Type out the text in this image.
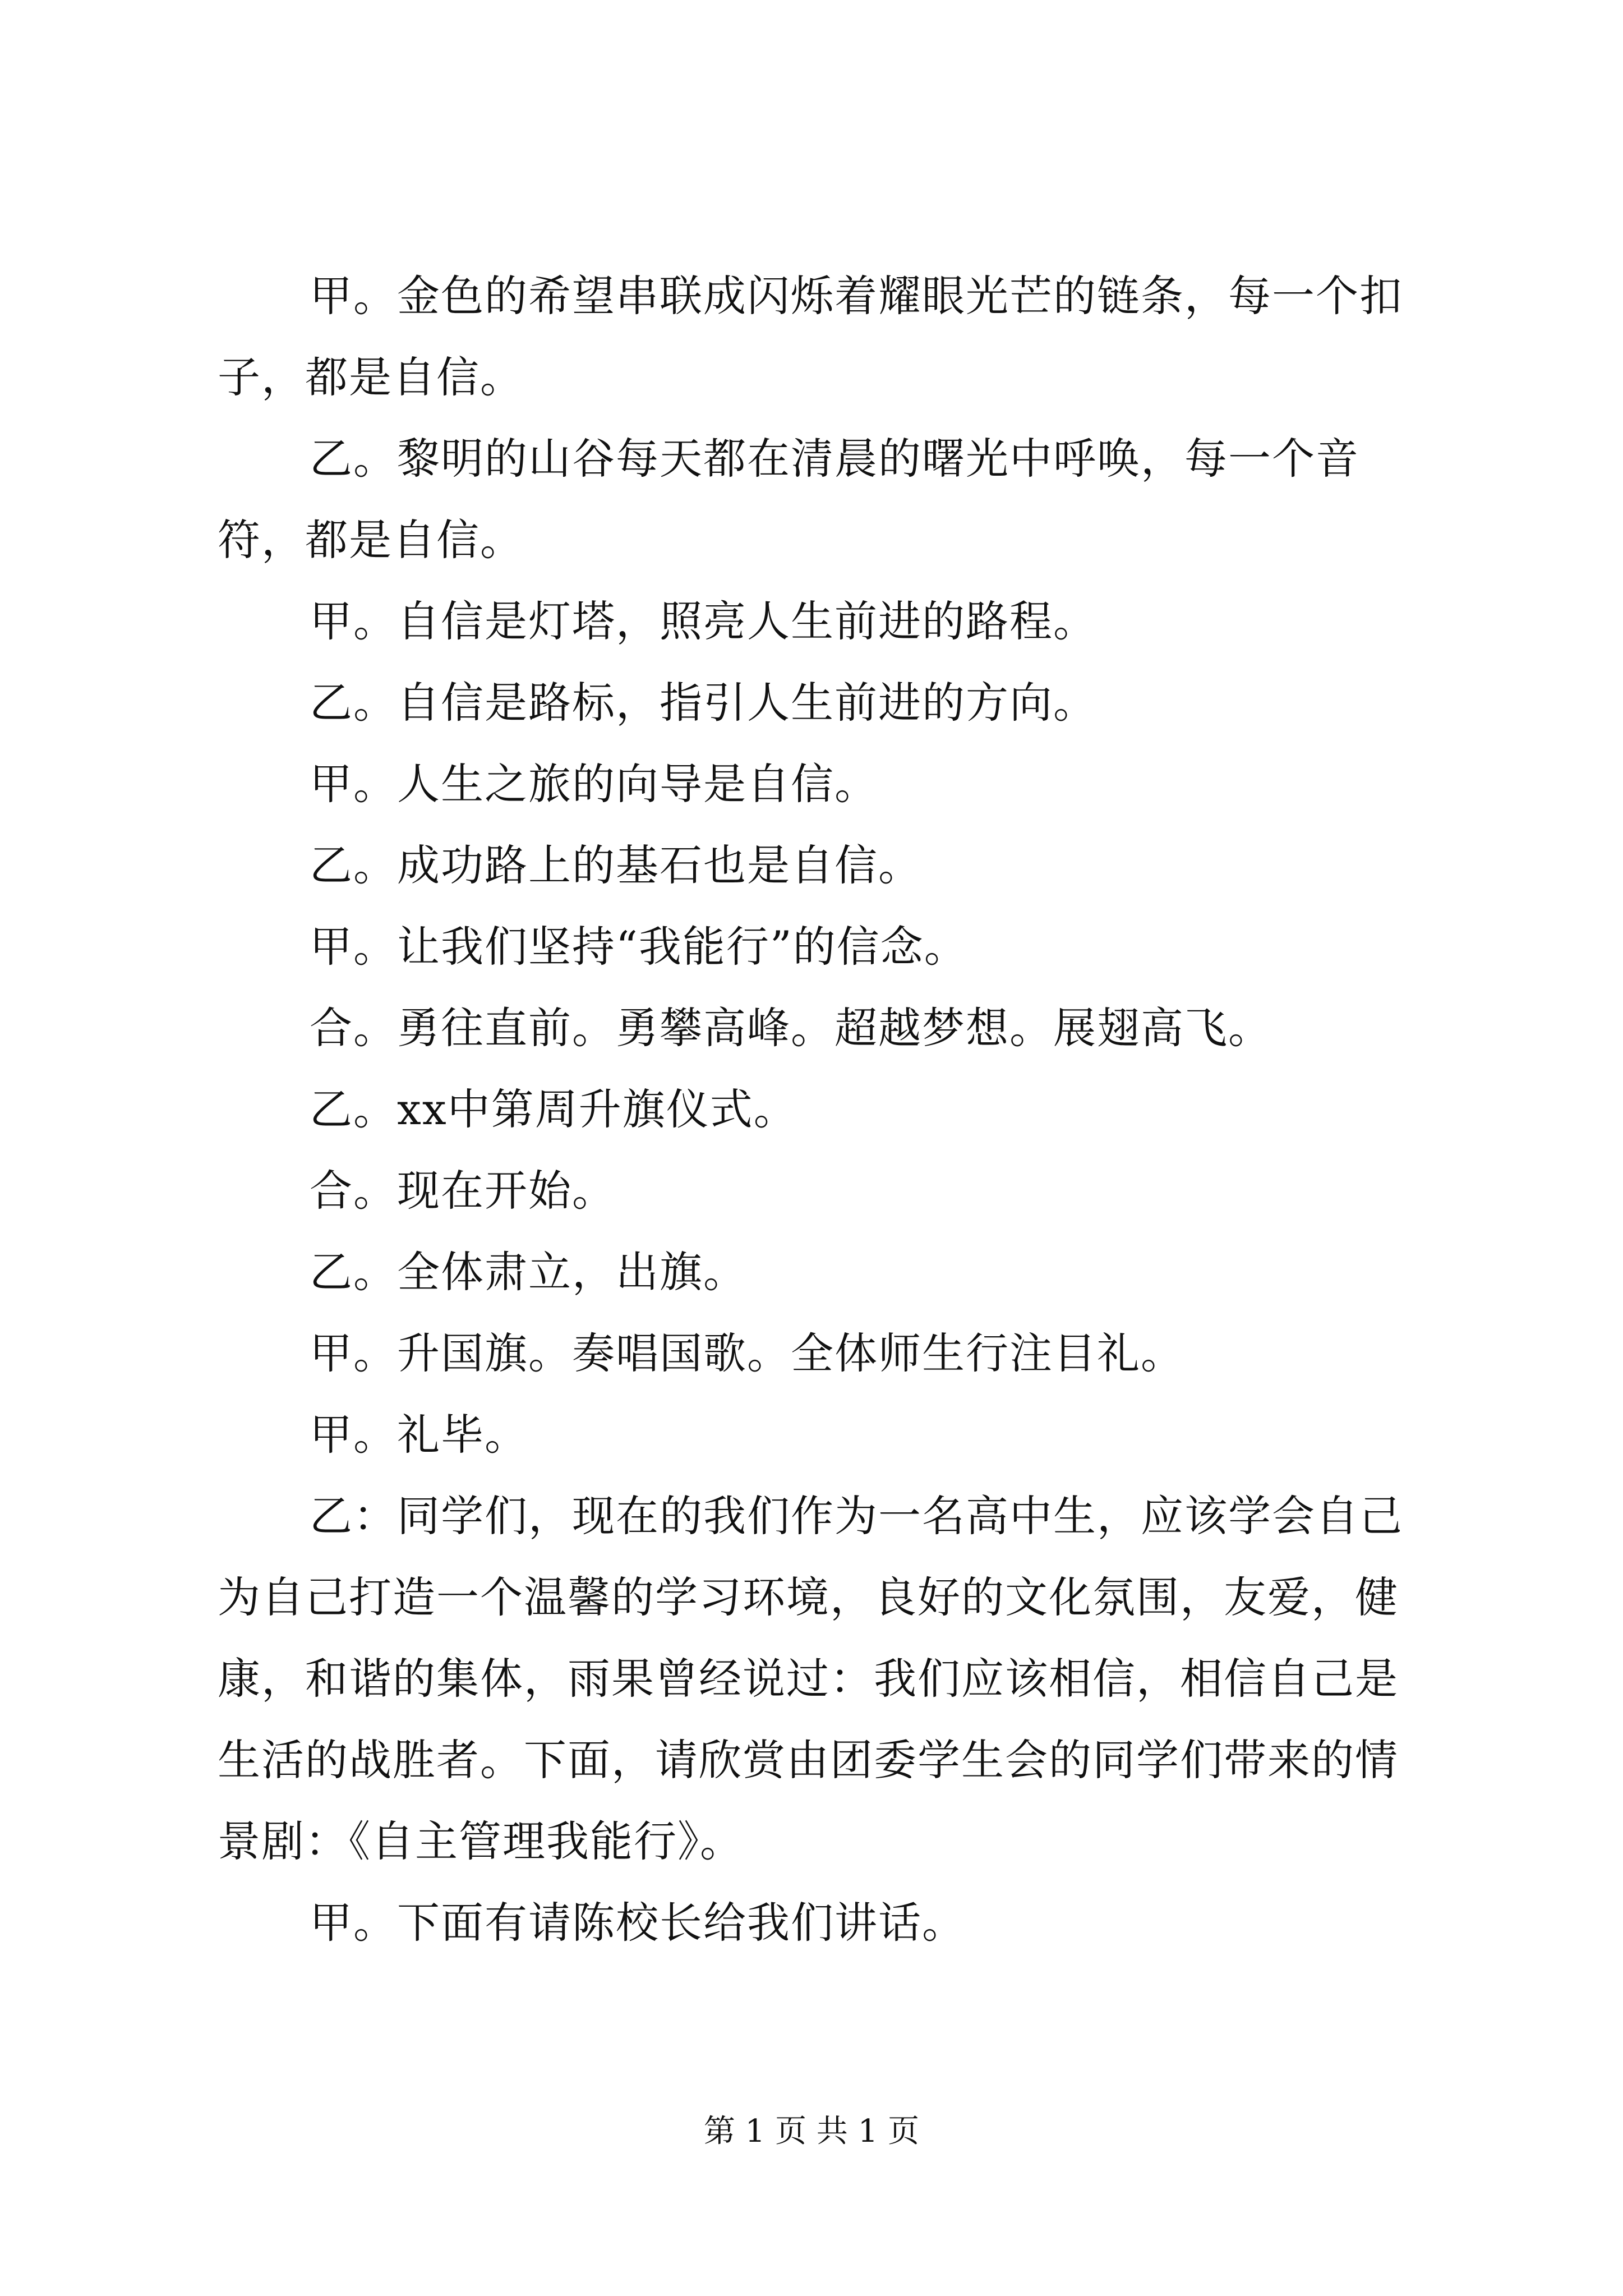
甲。金色的希望串联成闪烁着耀眼光芒的链条，每一个扣子，都是自信。

乙。黎明的山谷每天都在清晨的曙光中呼唤，每一个音符，都是自信。

甲。自信是灯塔，照亮人生前进的路程。

乙。自信是路标，指引人生前进的方向。

甲。人生之旅的向导是自信。

乙。成功路上的基石也是自信。

甲。让我们坚持“我能行”的信念。

合。勇往直前。勇攀高峰。超越梦想。展翅高飞。

乙。xx中第周升旗仪式。

合。现在开始。

乙。全体肃立，出旗。

甲。升国旗。奏唱国歌。全体师生行注目礼。

甲。礼毕。

乙：同学们，现在的我们作为一名高中生，应该学会自己为自己打造一个温馨的学习环境，良好的文化氛围，友爱，健康，和谐的集体，雨果曾经说过：我们应该相信，相信自己是生活的战胜者。下面，请欣赏由团委学生会的同学们带来的情景剧：《自主管理我能行》。

甲。下面有请陈校长给我们讲话。

第 1 页 共 1 页
